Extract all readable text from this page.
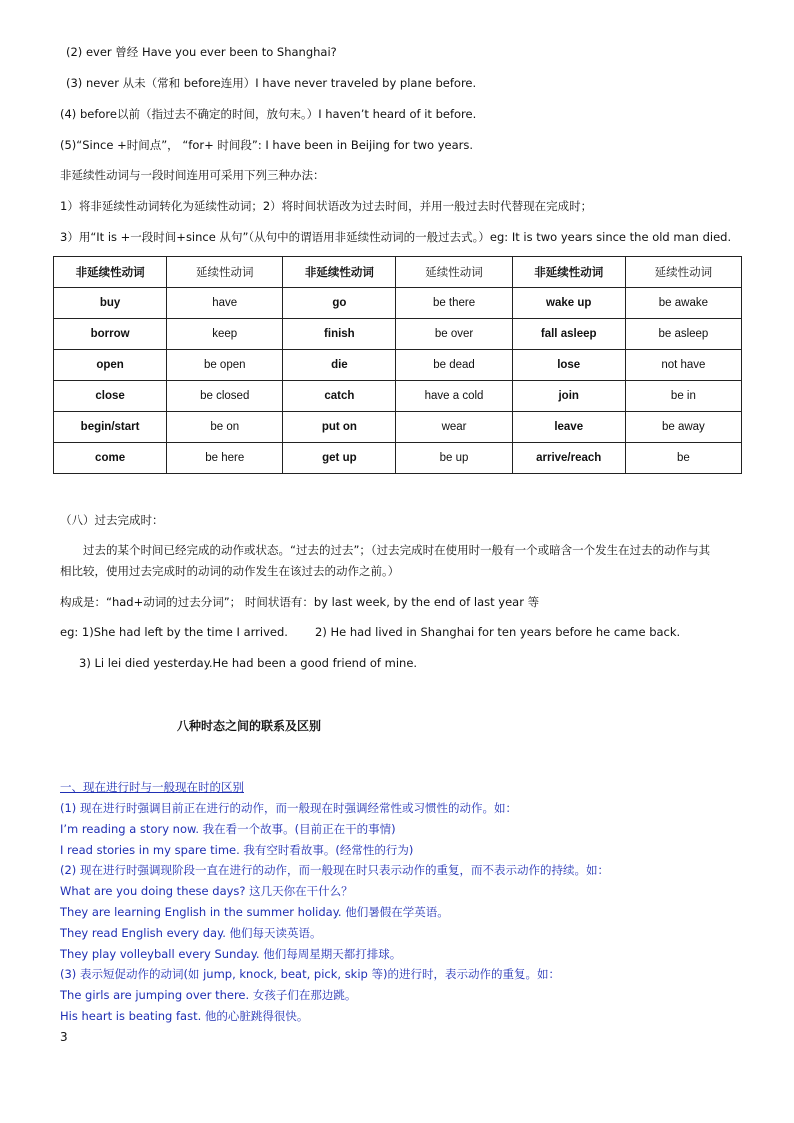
(2) ever 曾经 Have you ever been to Shanghai?
(3) never 从未（常和 before连用）I have never traveled by plane before.
(4) before以前（指过去不确定的时间，放句末。）I haven’t heard of it before.
(5)“Since +时间点”， “for+ 时间段”: I have been in Beijing for two years.
非延续性动词与一段时间连用可采用下列三种办法：
1）将非延续性动词转化为延续性动词；2）将时间状语改为过去时间，并用一般过去时代替现在完成时；
3）用“It is +一段时间+since 从句”（从句中的谓语用非延续性动词的一般过去式。）eg: It is two years since the old man died.
非延续性动词	延续性动词	非延续性动词	延续性动词	非延续性动词	延续性动词
buy	have	go	be there	wake up	be awake
borrow	keep	finish	be over	fall asleep	be asleep
open	be open	die	be dead	lose	not have
close	be closed	catch	have a cold	join	be in
begin/start	be on	put on	wear	leave	be away
come	be here	get up	be up	arrive/reach	be
（八）过去完成时：
过去的某个时间已经完成的动作或状态。“过去的过去”；（过去完成时在使用时一般有一个或暗含一个发生在过去的动作与其
相比较，使用过去完成时的动词的动作发生在该过去的动作之前。）
构成是：“had+动词的过去分词”； 时间状语有：by last week, by the end of last year 等
eg: 1)She had left by the time I arrived. 2) He had lived in Shanghai for ten years before he came back.
3) Li lei died yesterday.He had been a good friend of mine.
八种时态之间的联系及区别
一、现在进行时与一般现在时的区别
(1) 现在进行时强调目前正在进行的动作，而一般现在时强调经常性或习惯性的动作。如：
I’m reading a story now. 我在看一个故事。(目前正在干的事情)
I read stories in my spare time. 我有空时看故事。(经常性的行为)
(2) 现在进行时强调现阶段一直在进行的动作，而一般现在时只表示动作的重复，而不表示动作的持续。如：
What are you doing these days? 这几天你在干什么？
They are learning English in the summer holiday. 他们暑假在学英语。
They read English every day. 他们每天读英语。
They play volleyball every Sunday. 他们每周星期天都打排球。
(3) 表示短促动作的动词(如 jump, knock, beat, pick, skip 等)的进行时，表示动作的重复。如：
The girls are jumping over there. 女孩子们在那边跳。
His heart is beating fast. 他的心脏跳得很快。
3
